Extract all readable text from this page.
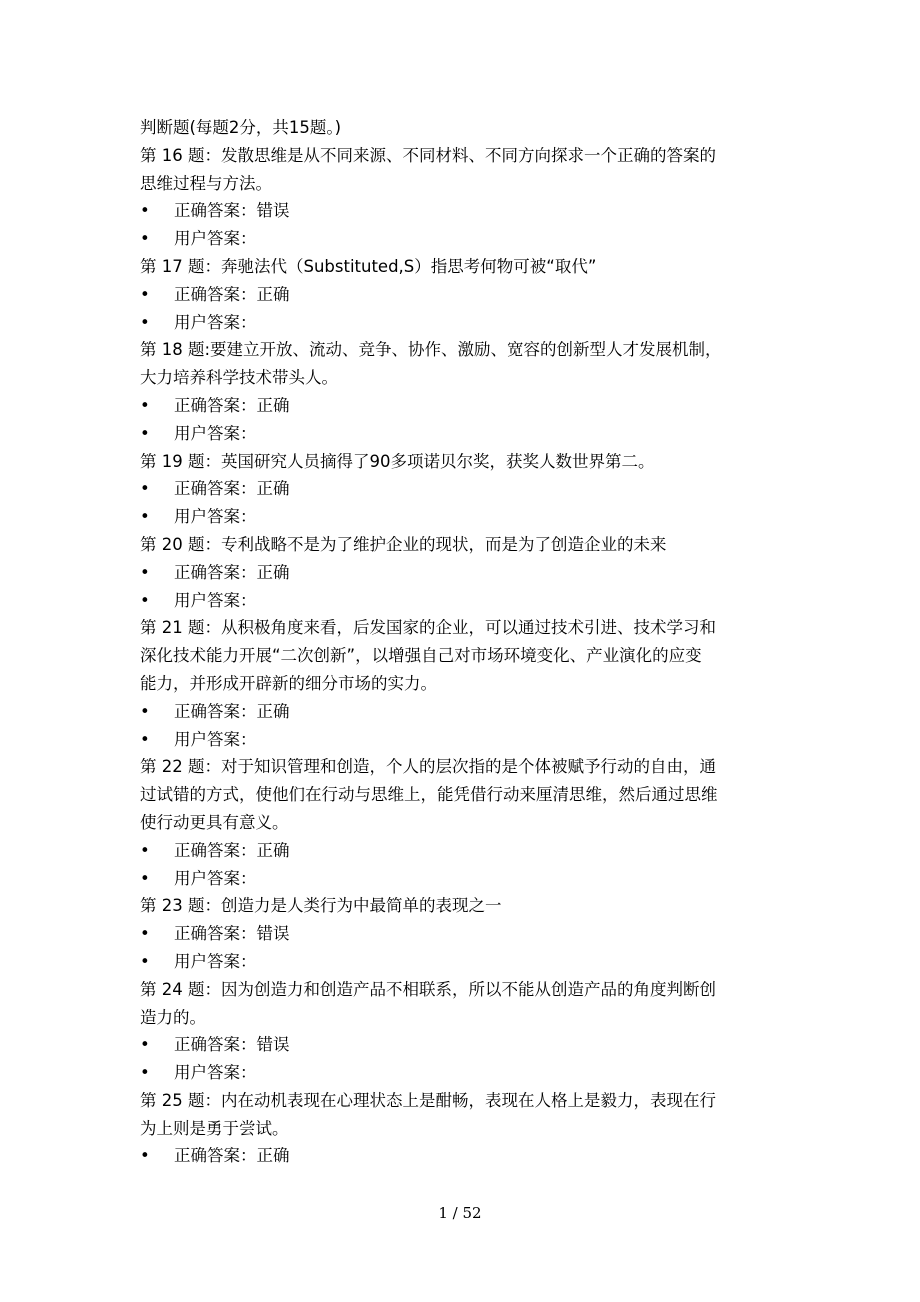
判断题(每题2分，共15题。)

第 16 题：发散思维是从不同来源、不同材料、不同方向探求一个正确的答案的

思维过程与方法。

• 正确答案：错误

• 用户答案：

第 17 题：奔驰法代（Substituted,S）指思考何物可被“取代”

• 正确答案：正确

• 用户答案：

第 18 题:要建立开放、流动、竞争、协作、激励、宽容的创新型人才发展机制，

大力培养科学技术带头人。

• 正确答案：正确

• 用户答案：

第 19 题：英国研究人员摘得了90多项诺贝尔奖，获奖人数世界第二。

• 正确答案：正确

• 用户答案：

第 20 题：专利战略不是为了维护企业的现状，而是为了创造企业的未来

• 正确答案：正确

• 用户答案：

第 21 题：从积极角度来看，后发国家的企业，可以通过技术引进、技术学习和

深化技术能力开展“二次创新”，以增强自己对市场环境变化、产业演化的应变

能力，并形成开辟新的细分市场的实力。

• 正确答案：正确

• 用户答案：

第 22 题：对于知识管理和创造，个人的层次指的是个体被赋予行动的自由，通

过试错的方式，使他们在行动与思维上，能凭借行动来厘清思维，然后通过思维

使行动更具有意义。

• 正确答案：正确

• 用户答案：

第 23 题：创造力是人类行为中最简单的表现之一

• 正确答案：错误

• 用户答案：

第 24 题：因为创造力和创造产品不相联系，所以不能从创造产品的角度判断创

造力的。

• 正确答案：错误

• 用户答案：

第 25 题：内在动机表现在心理状态上是酣畅，表现在人格上是毅力，表现在行

为上则是勇于尝试。

• 正确答案：正确

1 / 52
